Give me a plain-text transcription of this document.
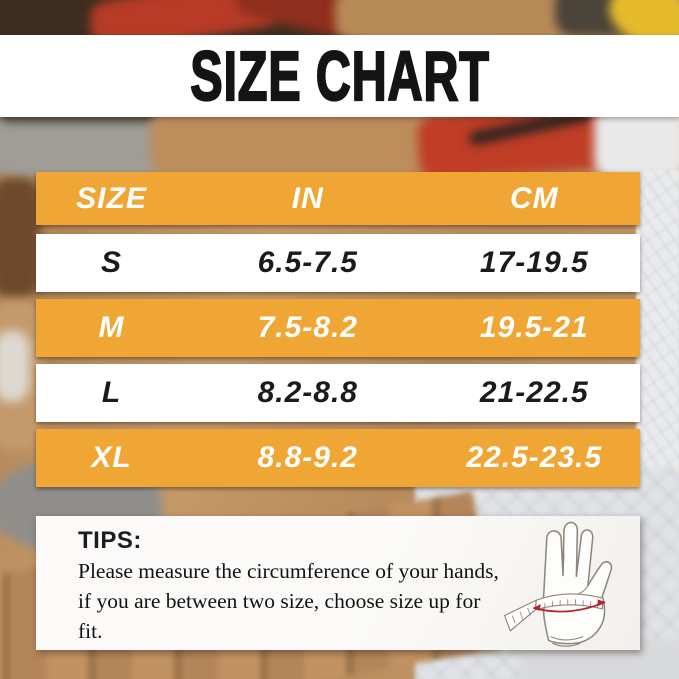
SIZE CHART
SIZE	IN	CM
S	6.5-7.5	17-19.5
M	7.5-8.2	19.5-21
L	8.2-8.8	21-22.5
XL	8.8-9.2	22.5-23.5
TIPS:

Please measure the circumference of your hands, if you are between two size, choose size up for fit.
